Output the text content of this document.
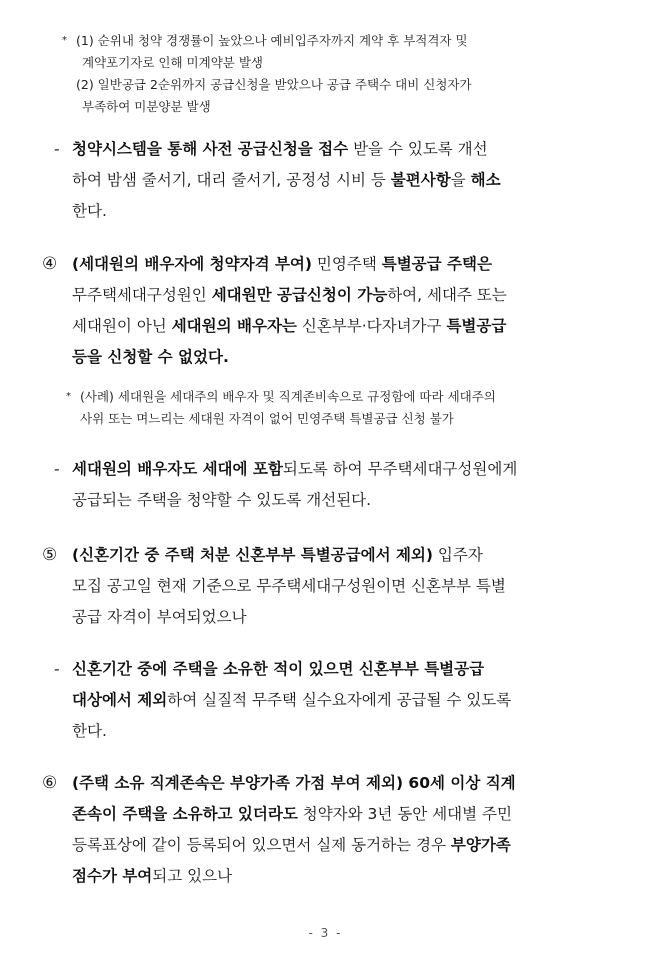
* (1) 순위내 청약 경쟁률이 높았으나 예비입주자까지 계약 후 부적격자 및
계약포기자로 인해 미계약분 발생
(2) 일반공급 2순위까지 공급신청을 받았으나 공급 주택수 대비 신청자가
부족하여 미분양분 발생
- 청약시스템을 통해 사전 공급신청을 접수 받을 수 있도록 개선
하여 밤샘 줄서기, 대리 줄서기, 공정성 시비 등 불편사항을 해소
한다.
④ (세대원의 배우자에 청약자격 부여) 민영주택 특별공급 주택은
무주택세대구성원인 세대원만 공급신청이 가능하여, 세대주 또는
세대원이 아닌 세대원의 배우자는 신혼부부·다자녀가구 특별공급
등을 신청할 수 없었다.
* (사례) 세대원을 세대주의 배우자 및 직계존비속으로 규정함에 따라 세대주의
사위 또는 며느리는 세대원 자격이 없어 민영주택 특별공급 신청 불가
- 세대원의 배우자도 세대에 포함되도록 하여 무주택세대구성원에게
공급되는 주택을 청약할 수 있도록 개선된다.
⑤ (신혼기간 중 주택 처분 신혼부부 특별공급에서 제외) 입주자
모집 공고일 현재 기준으로 무주택세대구성원이면 신혼부부 특별
공급 자격이 부여되었으나
- 신혼기간 중에 주택을 소유한 적이 있으면 신혼부부 특별공급
대상에서 제외하여 실질적 무주택 실수요자에게 공급될 수 있도록
한다.
⑥ (주택 소유 직계존속은 부양가족 가점 부여 제외) 60세 이상 직계
존속이 주택을 소유하고 있더라도 청약자와 3년 동안 세대별 주민
등록표상에 같이 등록되어 있으면서 실제 동거하는 경우 부양가족
점수가 부여되고 있으나
- 3 -
